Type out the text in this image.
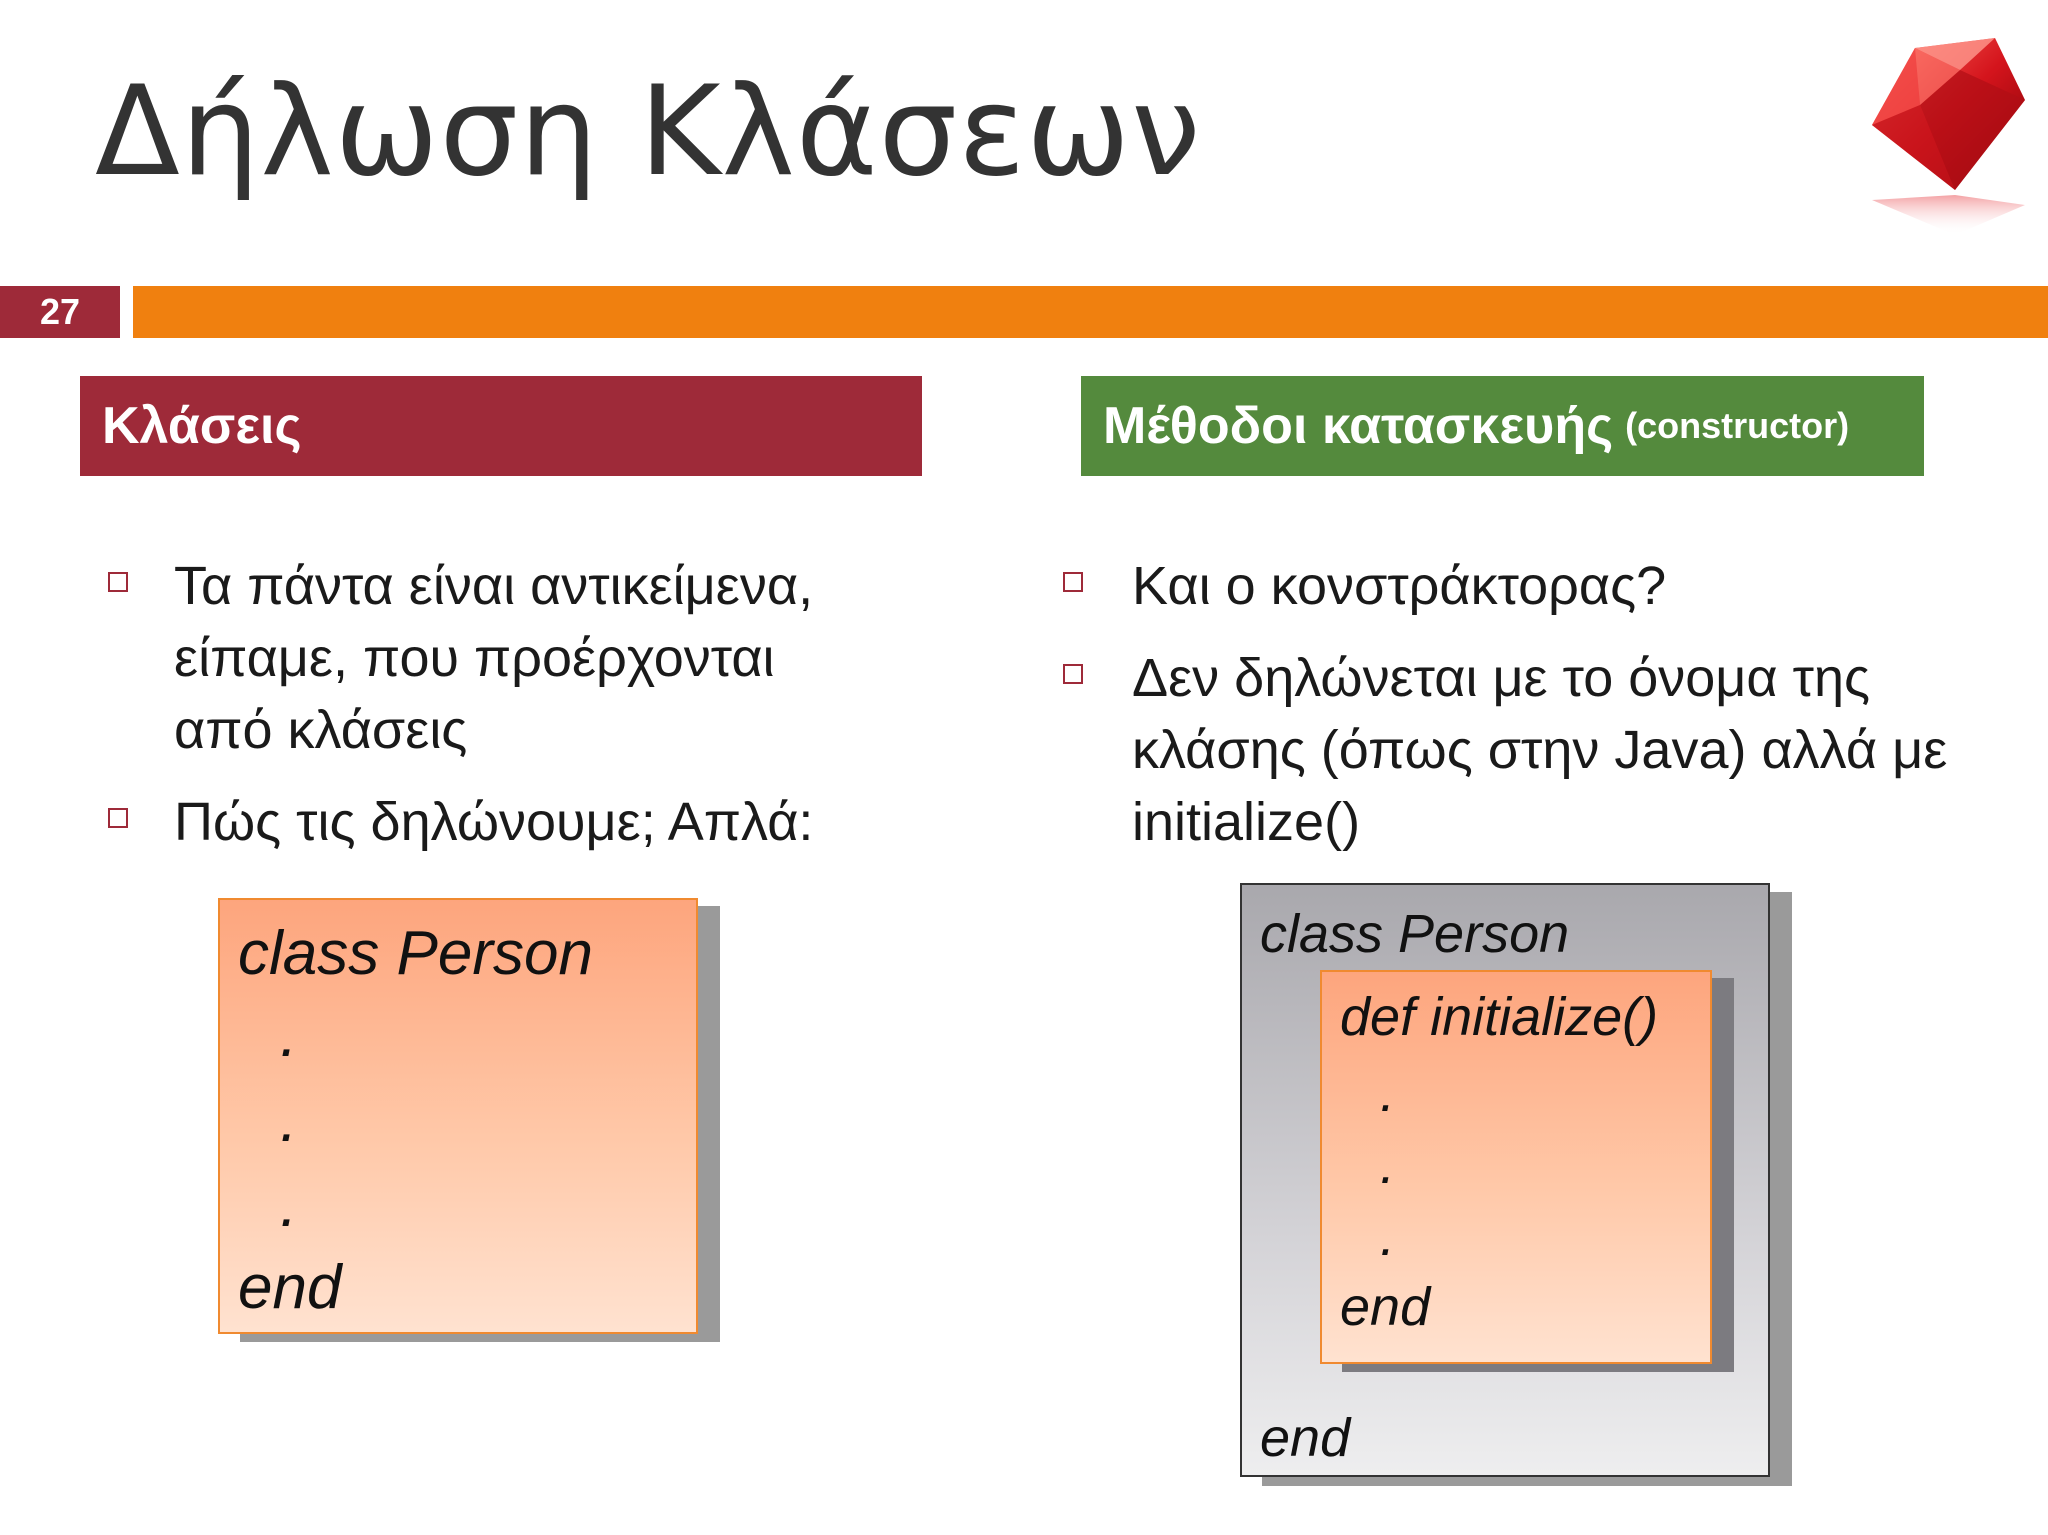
Δήλωση Κλάσεων
27
Κλάσεις	Μέθοδοι κατασκευής (constructor)
Τα πάντα είναι αντικείμενα, είπαμε, που προέρχονται από κλάσεις
Πώς τις δηλώνουμε; Απλά:
Και ο κονστράκτορας?
Δεν δηλώνεται με το όνομα της κλάσης (όπως στην Java) αλλά με initialize()
class Person
.
.
.
end
class Person
end
def initialize()
.
.
.
end
